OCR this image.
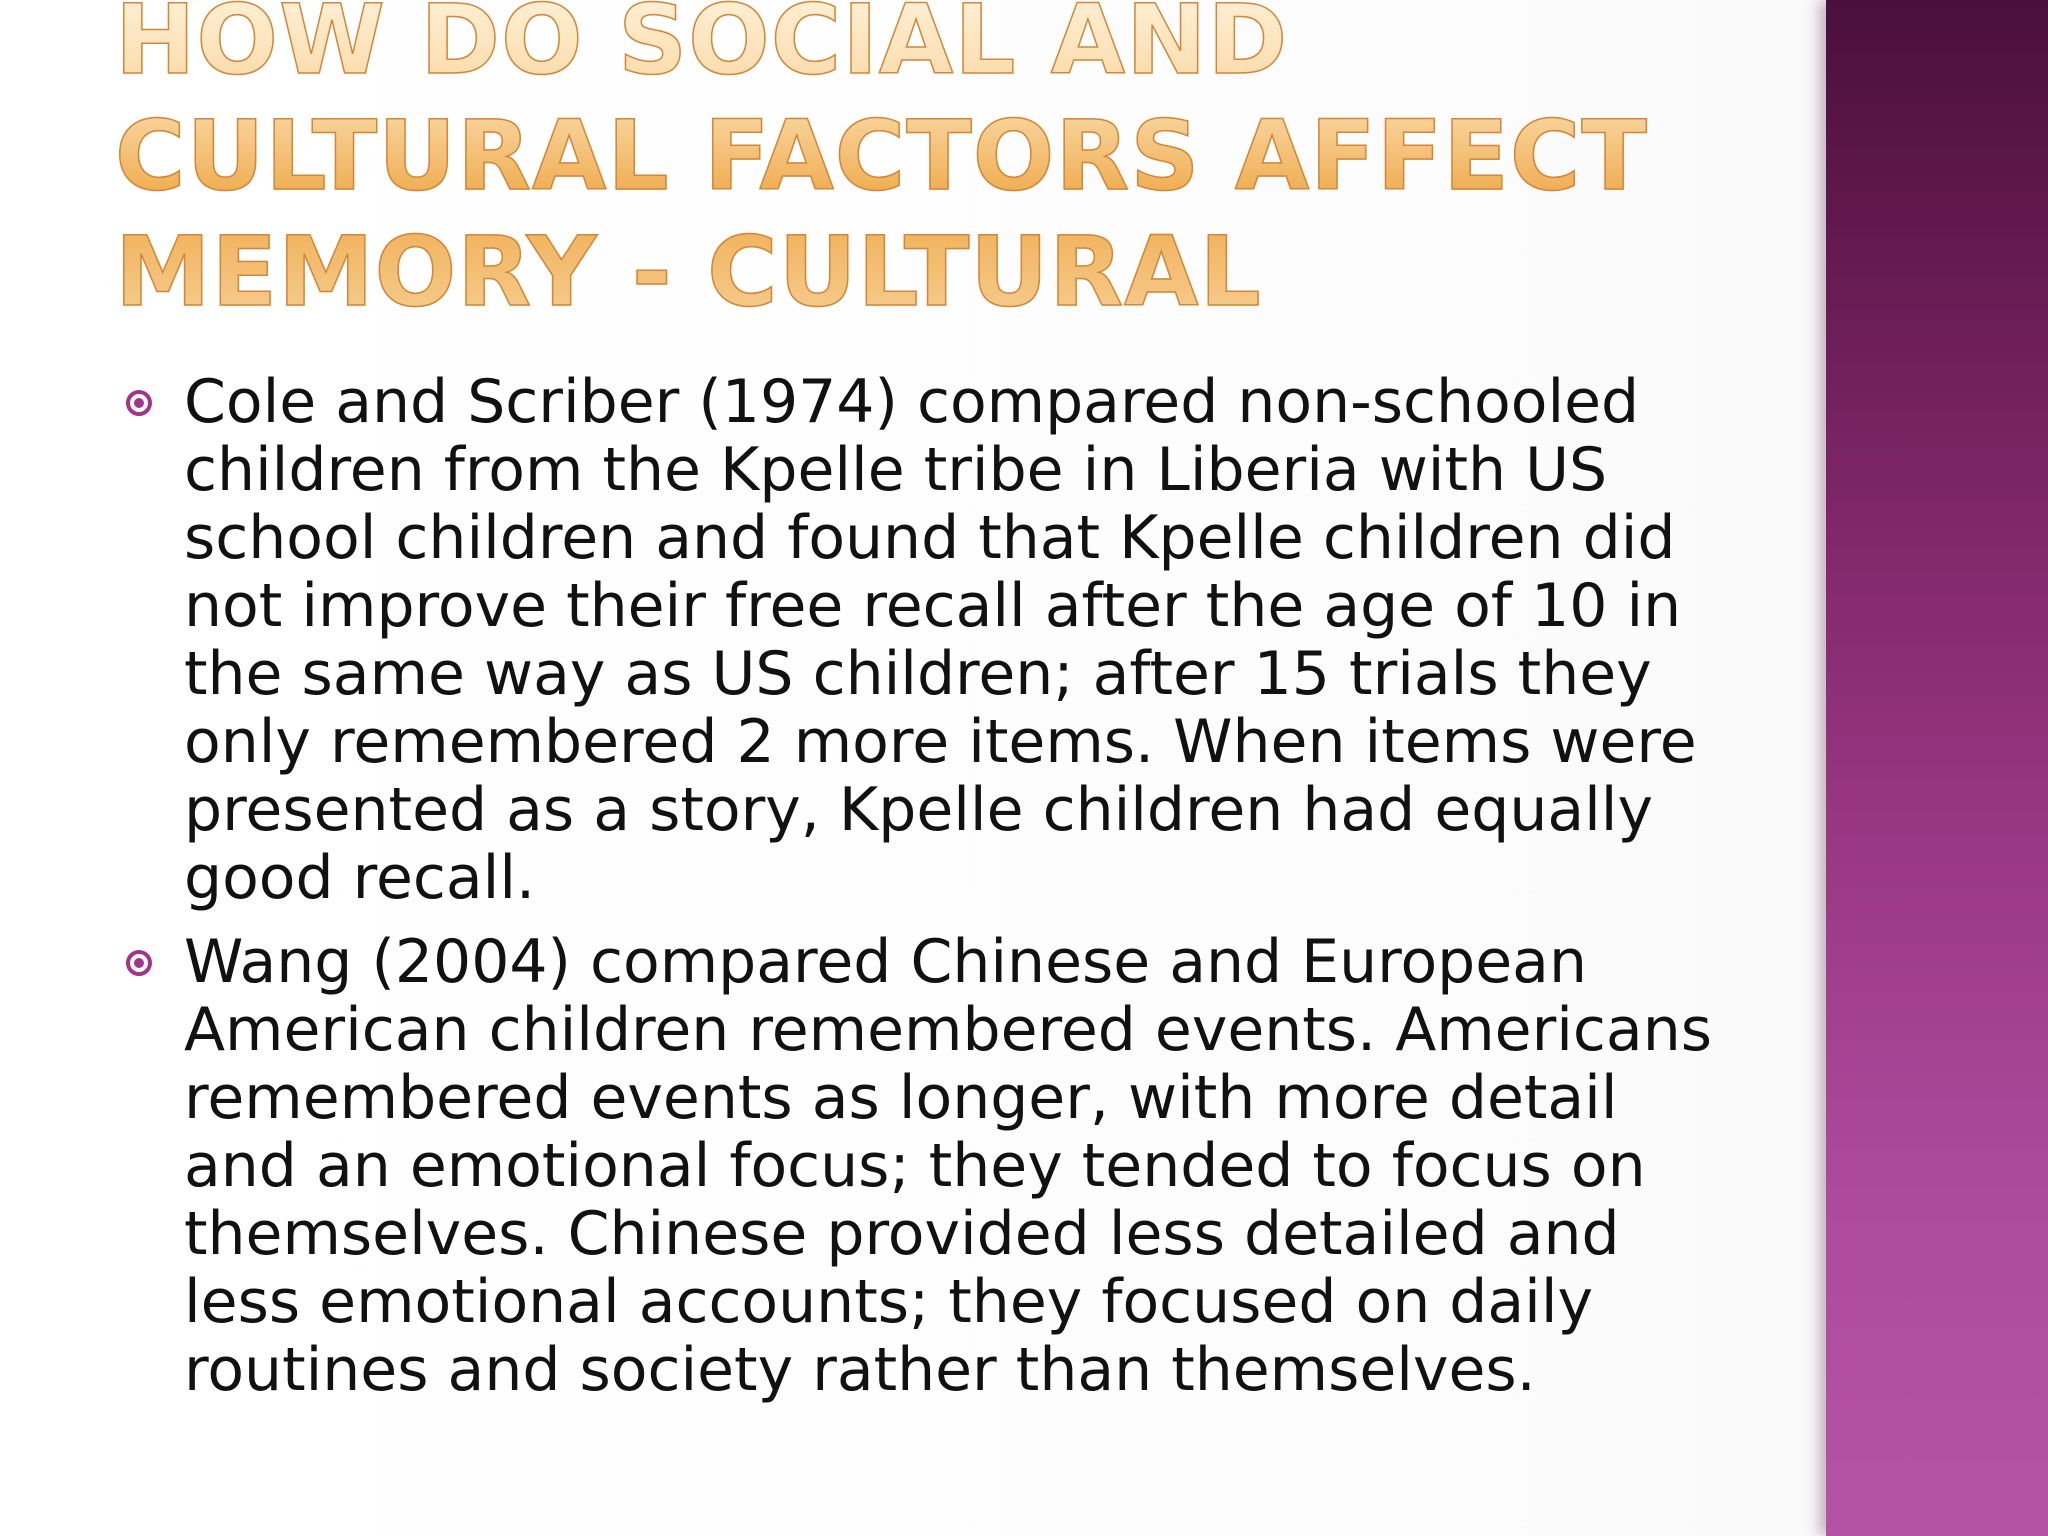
HOW DO SOCIAL AND CULTURAL FACTORS AFFECT MEMORY - CULTURAL
Cole and Scriber (1974) compared non-schooled children from the Kpelle tribe in Liberia with US school children and found that Kpelle children did not improve their free recall after the age of 10 in the same way as US children; after 15 trials they only remembered 2 more items. When items were presented as a story, Kpelle children had equally good recall.
Wang (2004) compared Chinese and European American children remembered events. Americans remembered events as longer, with more detail and an emotional focus; they tended to focus on themselves. Chinese provided less detailed and less emotional accounts; they focused on daily routines and society rather than themselves.
